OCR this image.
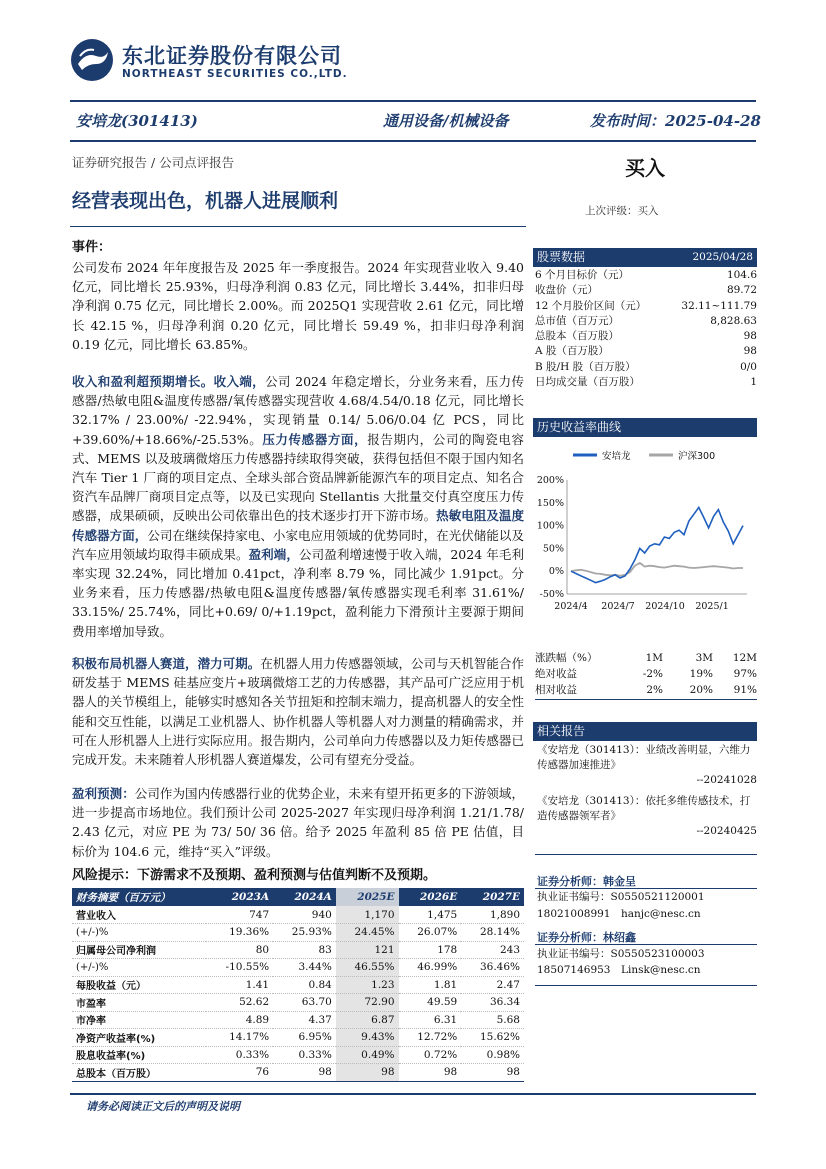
东北证券股份有限公司
NORTHEAST SECURITIES CO.,LTD.
安培龙(301413)	通用设备/机械设备	发布时间：2025-04-28
证券研究报告 / 公司点评报告	买入
经营表现出色，机器人进展顺利	上次评级：买入
事件：
公司发布 2024 年年度报告及 2025 年一季度报告。2024 年实现营业收入 9.40 亿元，同比增长 25.93%，归母净利润 0.83 亿元，同比增长 3.44%，扣非归母净利润 0.75 亿元，同比增长 2.00%。而 2025Q1 实现营收 2.61 亿元，同比增长 42.15 %，归母净利润 0.20 亿元，同比增长 59.49 %，扣非归母净利润 0.19 亿元，同比增长 63.85%。
收入和盈利超预期增长。收入端，公司 2024 年稳定增长，分业务来看，压力传感器/热敏电阻&温度传感器/氧传感器实现营收 4.68/4.54/0.18 亿元，同比增长 32.17% / 23.00%/ -22.94%，实现销量 0.14/ 5.06/0.04 亿 PCS，同比+39.60%/+18.66%/-25.53%。压力传感器方面，报告期内，公司的陶瓷电容式、MEMS 以及玻璃微熔压力传感器持续取得突破，获得包括但不限于国内知名汽车 Tier 1 厂商的项目定点、全球头部合资品牌新能源汽车的项目定点、知名合资汽车品牌厂商项目定点等，以及已实现向 Stellantis 大批量交付真空度压力传感器，成果硕硕，反映出公司依靠出色的技术逐步打开下游市场。热敏电阻及温度传感器方面，公司在继续保持家电、小家电应用领域的优势同时，在光伏储能以及汽车应用领域均取得丰硕成果。盈利端，公司盈利增速慢于收入端，2024 年毛利率实现 32.24%，同比增加 0.41pct，净利率 8.79 %，同比减少 1.91pct。分业务来看，压力传感器/热敏电阻&温度传感器/氧传感器实现毛利率 31.61%/ 33.15%/ 25.74%，同比+0.69/ 0/+1.19pct，盈利能力下滑预计主要源于期间费用率增加导致。
积极布局机器人赛道，潜力可期。在机器人用力传感器领域，公司与天机智能合作研发基于 MEMS 硅基应变片+玻璃微熔工艺的力传感器，其产品可广泛应用于机器人的关节模组上，能够实时感知各关节扭矩和控制末端力，提高机器人的安全性能和交互性能，以满足工业机器人、协作机器人等机器人对力测量的精确需求，并可在人形机器人上进行实际应用。报告期内，公司单向力传感器以及力矩传感器已完成开发。未来随着人形机器人赛道爆发，公司有望充分受益。
盈利预测：公司作为国内传感器行业的优势企业，未来有望开拓更多的下游领域，进一步提高市场地位。我们预计公司 2025-2027 年实现归母净利润 1.21/1.78/ 2.43 亿元，对应 PE 为 73/ 50/ 36 倍。给予 2025 年盈利 85 倍 PE 估值，目标价为 104.6 元，维持“买入”评级。
风险提示：下游需求不及预期、盈利预测与估值判断不及预期。
财务摘要（百万元）	2023A	2024A	2025E	2026E	2027E
营业收入	747	940	1,170	1,475	1,890
(+/-)%	19.36%	25.93%	24.45%	26.07%	28.14%
归属母公司净利润	80	83	121	178	243
(+/-)%	-10.55%	3.44%	46.55%	46.99%	36.46%
每股收益（元）	1.41	0.84	1.23	1.81	2.47
市盈率	52.62	63.70	72.90	49.59	36.34
市净率	4.89	4.37	6.87	6.31	5.68
净资产收益率(%)	14.17%	6.95%	9.43%	12.72%	15.62%
股息收益率(%)	0.33%	0.33%	0.49%	0.72%	0.98%
总股本（百万股）	76	98	98	98	98
股票数据	2025/04/28
6 个月目标价（元）	104.6
收盘价（元）	89.72
12 个月股价区间（元）	32.11~111.79
总市值（百万元）	8,828.63
总股本（百万股）	98
A 股（百万股）	98
B 股/H 股（百万股）	0/0
日均成交量（百万股）	1
历史收益率曲线
安培龙	沪深300
200%
150%
100%
50%
0%
-50%
2024/4 2024/7 2024/10 2025/1
涨跌幅（%）	1M	3M	12M
绝对收益	-2%	19%	97%
相对收益	2%	20%	91%
相关报告
《安培龙（301413）：业绩改善明显，六维力传感器加速推进》
--20241028
《安培龙（301413）：依托多维传感技术，打造传感器领军者》
--20240425
证券分析师：韩金呈
执业证书编号：S0550521120001
18021008991 hanjc@nesc.cn
证券分析师：林绍鑫
执业证书编号：S0550523100003
18507146953 Linsk@nesc.cn
请务必阅读正文后的声明及说明
